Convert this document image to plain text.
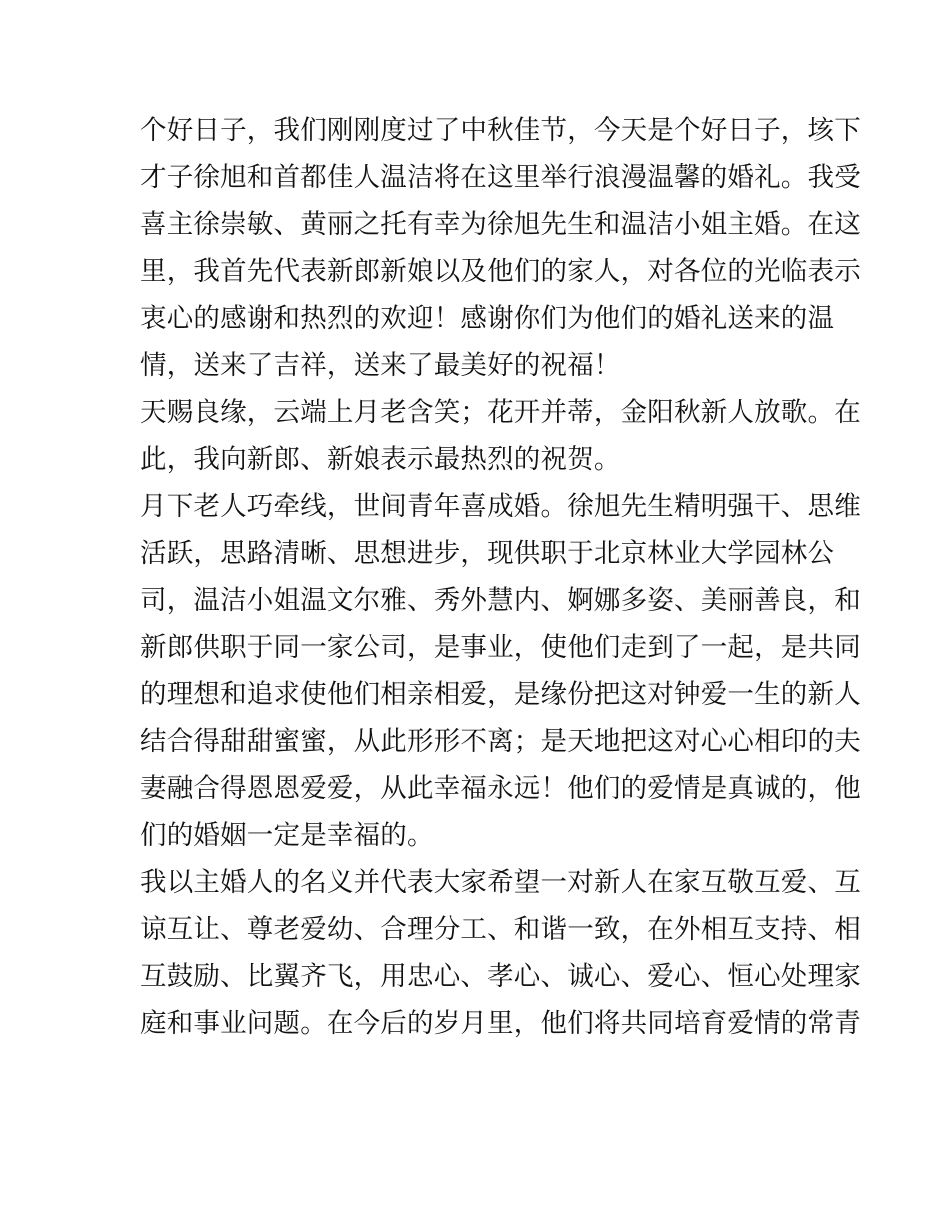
个好日子，我们刚刚度过了中秋佳节，今天是个好日子，垓下
才子徐旭和首都佳人温洁将在这里举行浪漫温馨的婚礼。我受
喜主徐崇敏、黄丽之托有幸为徐旭先生和温洁小姐主婚。在这
里，我首先代表新郎新娘以及他们的家人，对各位的光临表示
衷心的感谢和热烈的欢迎！感谢你们为他们的婚礼送来的温
情，送来了吉祥，送来了最美好的祝福！
天赐良缘，云端上月老含笑；花开并蒂，金阳秋新人放歌。在
此，我向新郎、新娘表示最热烈的祝贺。
月下老人巧牵线，世间青年喜成婚。徐旭先生精明强干、思维
活跃，思路清晰、思想进步，现供职于北京林业大学园林公
司，温洁小姐温文尔雅、秀外慧内、婀娜多姿、美丽善良，和
新郎供职于同一家公司，是事业，使他们走到了一起，是共同
的理想和追求使他们相亲相爱，是缘份把这对钟爱一生的新人
结合得甜甜蜜蜜，从此形形不离；是天地把这对心心相印的夫
妻融合得恩恩爱爱，从此幸福永远！他们的爱情是真诚的，他
们的婚姻一定是幸福的。
我以主婚人的名义并代表大家希望一对新人在家互敬互爱、互
谅互让、尊老爱幼、合理分工、和谐一致，在外相互支持、相
互鼓励、比翼齐飞，用忠心、孝心、诚心、爱心、恒心处理家
庭和事业问题。在今后的岁月里，他们将共同培育爱情的常青
